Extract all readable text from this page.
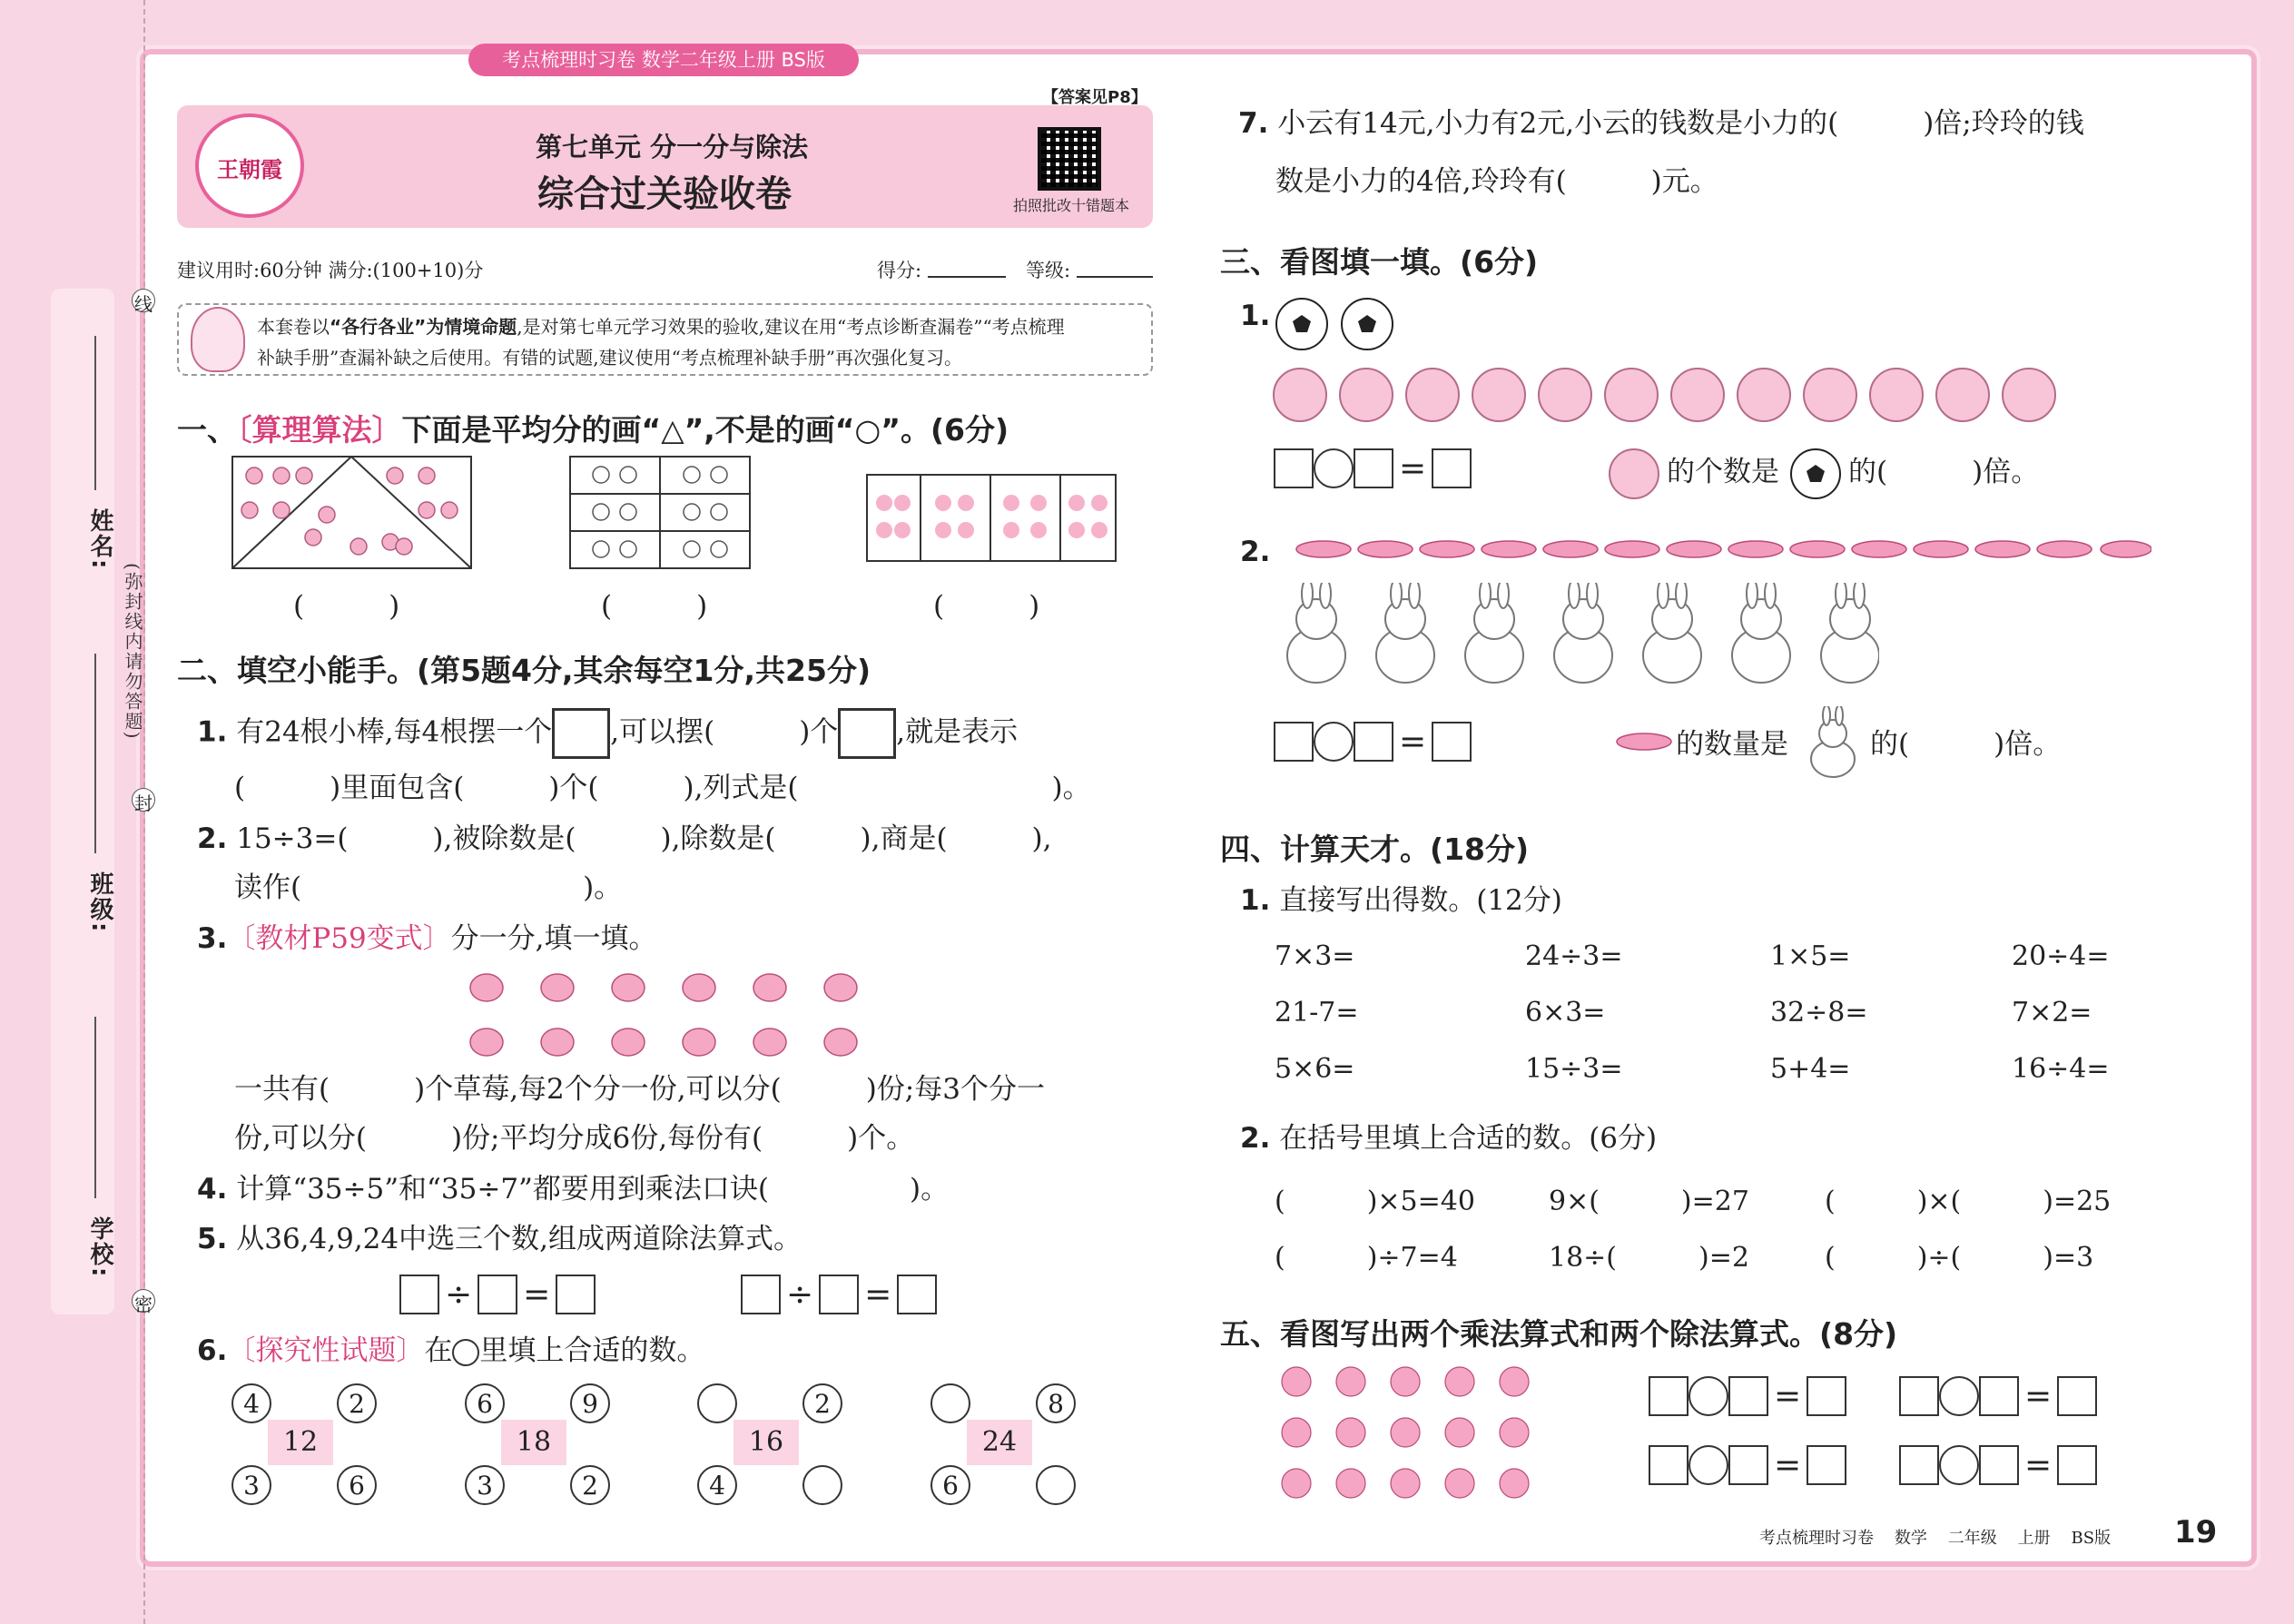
姓名:
班级:
学校:
(弥封线内请勿答题)
线
封
密
考点梳理时习卷 数学二年级上册 BS版
王朝霞
【答案见P8】
第七单元 分一分与除法
综合过关验收卷	拍照批改十错题本
建议用时:60分钟 满分:(100+10)分	得分:	等级:
本套卷以“各行各业”为情境命题,是对第七单元学习效果的验收,建议在用“考点诊断查漏卷”“考点梳理
补缺手册”查漏补缺之后使用。有错的试题,建议使用“考点梳理补缺手册”再次强化复习。
一、〔算理算法〕下面是平均分的画“△”,不是的画“○”。(6分)
(　　　)	(　　　)	(　　　)
二、填空小能手。(第5题4分,其余每空1分,共25分)
1. 有24根小棒,每4根摆一个 ,可以摆(　　　)个 ,就是表示
(　　　)里面包含(　　　)个(　　　),列式是(　　　　　　　　　)。
2. 15÷3=(　　　),被除数是(　　　),除数是(　　　),商是(　　　),
读作(　　　　　　　　　　)。
3.〔教材P59变式〕分一分,填一填。
一共有(　　　)个草莓,每2个分一份,可以分(　　　)份;每3个分一
份,可以分(　　　)份;平均分成6份,每份有(　　　)个。
4. 计算“35÷5”和“35÷7”都要用到乘法口诀(　　　　　)。
5. 从36,4,9,24中选三个数,组成两道除法算式。
÷ =	÷ =
6.〔探究性试题〕在 里填上合适的数。
12
4	2
3	6
18
6	9
3	2
16
2
4
24
8
6
7. 小云有14元,小力有2元,小云的钱数是小力的(　　　)倍;玲玲的钱
数是小力的4倍,玲玲有(　　　)元。
三、看图填一填。(6分)
1.
=	的个数是 的(　　　)倍。
2.
=	的数量是	的(　　　)倍。
四、计算天才。(18分)
1. 直接写出得数。(12分)
7×3=	24÷3=	1×5=	20÷4=
21-7=	6×3=	32÷8=	7×2=
5×6=	15÷3=	5+4=	16÷4=
2. 在括号里填上合适的数。(6分)
(　　　)×5=40	9×(　　　)=27	(　　　)×(　　　)=25
(　　　)÷7=4	18÷(　　　)=2	(　　　)÷(　　　)=3
五、看图写出两个乘法算式和两个除法算式。(8分)
=	=
=	=
考点梳理时习卷    数学    二年级    上册    BS版 19
